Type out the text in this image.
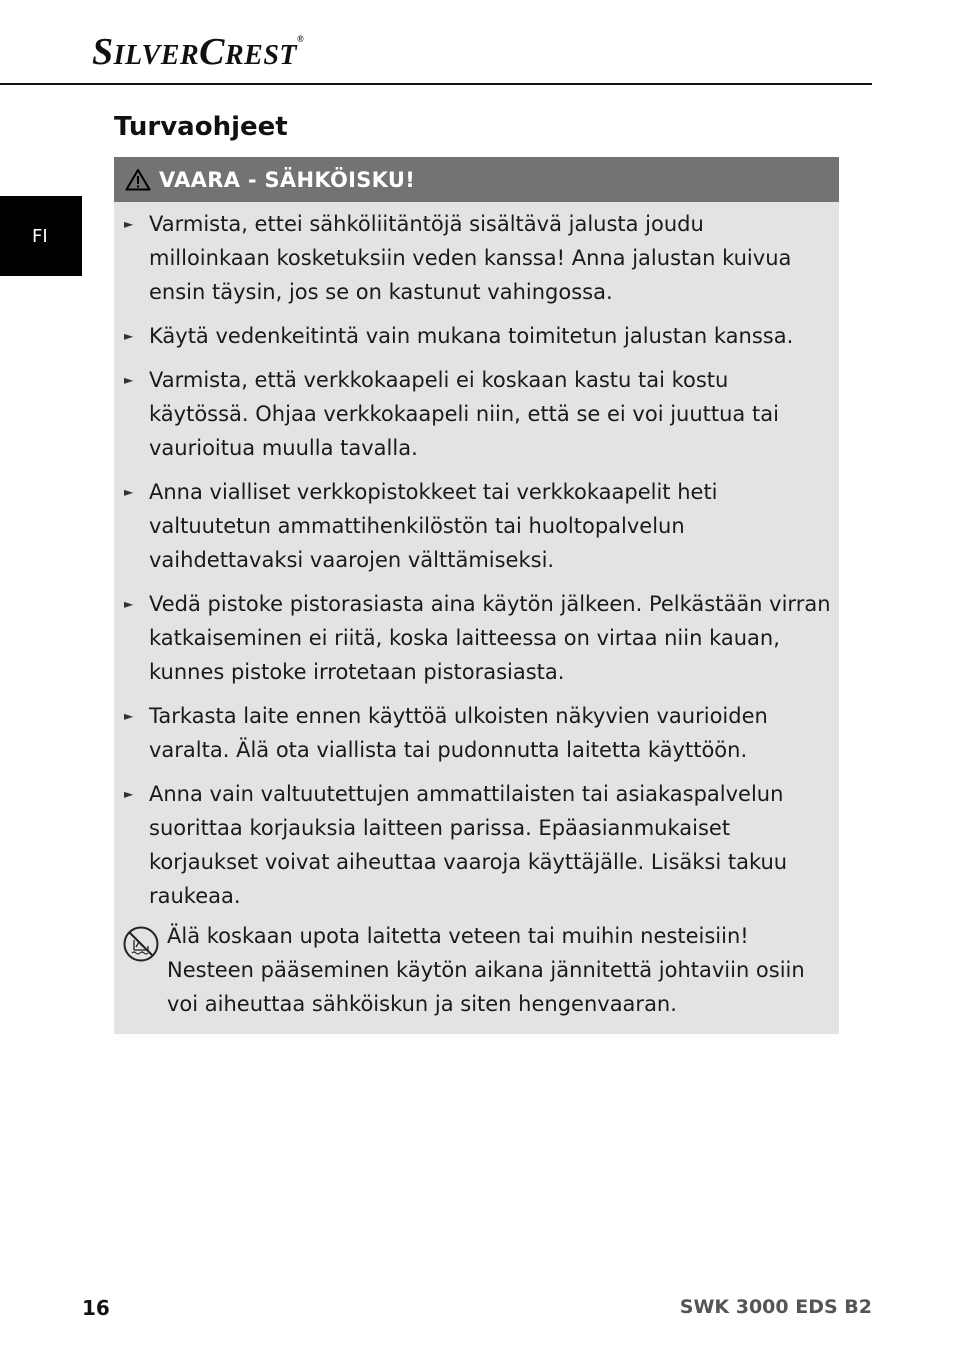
SILVERCREST®
FI
Turvaohjeet
VAARA - SÄHKÖISKU!
► Varmista, ettei sähköliitäntöjä sisältävä jalusta joudu milloinkaan kosketuksiin veden kanssa! Anna jalustan kuivua ensin täysin, jos se on kastunut vahingossa.
► Käytä vedenkeitintä vain mukana toimitetun jalustan kanssa.
► Varmista, että verkkokaapeli ei koskaan kastu tai kostu käytössä. Ohjaa verkkokaapeli niin, että se ei voi juuttua tai vaurioitua muulla tavalla.
► Anna vialliset verkkopistokkeet tai verkkokaapelit heti valtuutetun ammattihenkilöstön tai huoltopalvelun vaihdettavaksi vaarojen välttämiseksi.
► Vedä pistoke pistorasiasta aina käytön jälkeen. Pelkästään virran katkaiseminen ei riitä, koska laitteessa on virtaa niin kauan, kunnes pistoke irrotetaan pistorasiasta.
► Tarkasta laite ennen käyttöä ulkoisten näkyvien vaurioiden varalta. Älä ota viallista tai pudonnutta laitetta käyttöön.
► Anna vain valtuutettujen ammattilaisten tai asiakaspalvelun suorittaa korjauksia laitteen parissa. Epäasianmukaiset korjaukset voivat aiheuttaa vaaroja käyttäjälle. Lisäksi takuu raukeaa.
Älä koskaan upota laitetta veteen tai muihin nesteisiin! Nesteen pääseminen käytön aikana jännitettä johtaviin osiin voi aiheuttaa sähköiskun ja siten hengenvaaran.
16	SWK 3000 EDS B2
